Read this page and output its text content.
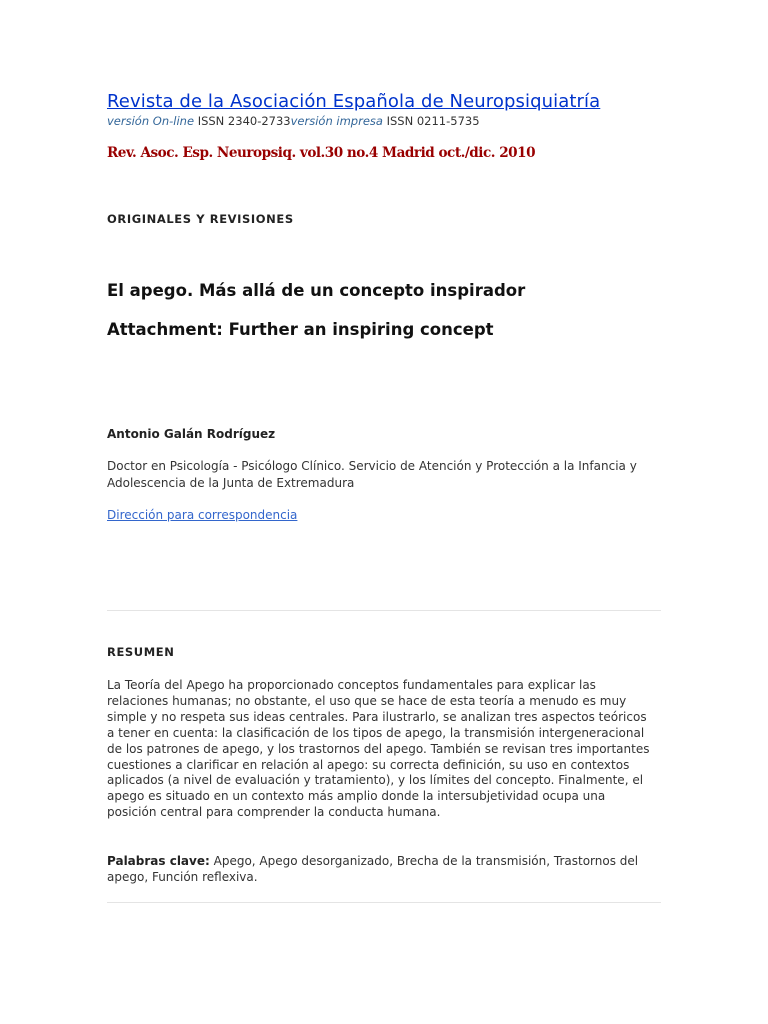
Revista de la Asociación Española de Neuropsiquiatría
versión On-line ISSN 2340-2733versión impresa ISSN 0211-5735
Rev. Asoc. Esp. Neuropsiq. vol.30 no.4 Madrid oct./dic. 2010
ORIGINALES Y REVISIONES
El apego. Más allá de un concepto inspirador
Attachment: Further an inspiring concept
Antonio Galán Rodríguez
Doctor en Psicología - Psicólogo Clínico. Servicio de Atención y Protección a la Infancia y Adolescencia de la Junta de Extremadura
Dirección para correspondencia
RESUMEN

La Teoría del Apego ha proporcionado conceptos fundamentales para explicar las relaciones humanas; no obstante, el uso que se hace de esta teoría a menudo es muy simple y no respeta sus ideas centrales. Para ilustrarlo, se analizan tres aspectos teóricos a tener en cuenta: la clasificación de los tipos de apego, la transmisión intergeneracional de los patrones de apego, y los trastornos del apego. También se revisan tres importantes cuestiones a clarificar en relación al apego: su correcta definición, su uso en contextos aplicados (a nivel de evaluación y tratamiento), y los límites del concepto. Finalmente, el apego es situado en un contexto más amplio donde la intersubjetividad ocupa una posición central para comprender la conducta humana.

Palabras clave: Apego, Apego desorganizado, Brecha de la transmisión, Trastornos del apego, Función reflexiva.
